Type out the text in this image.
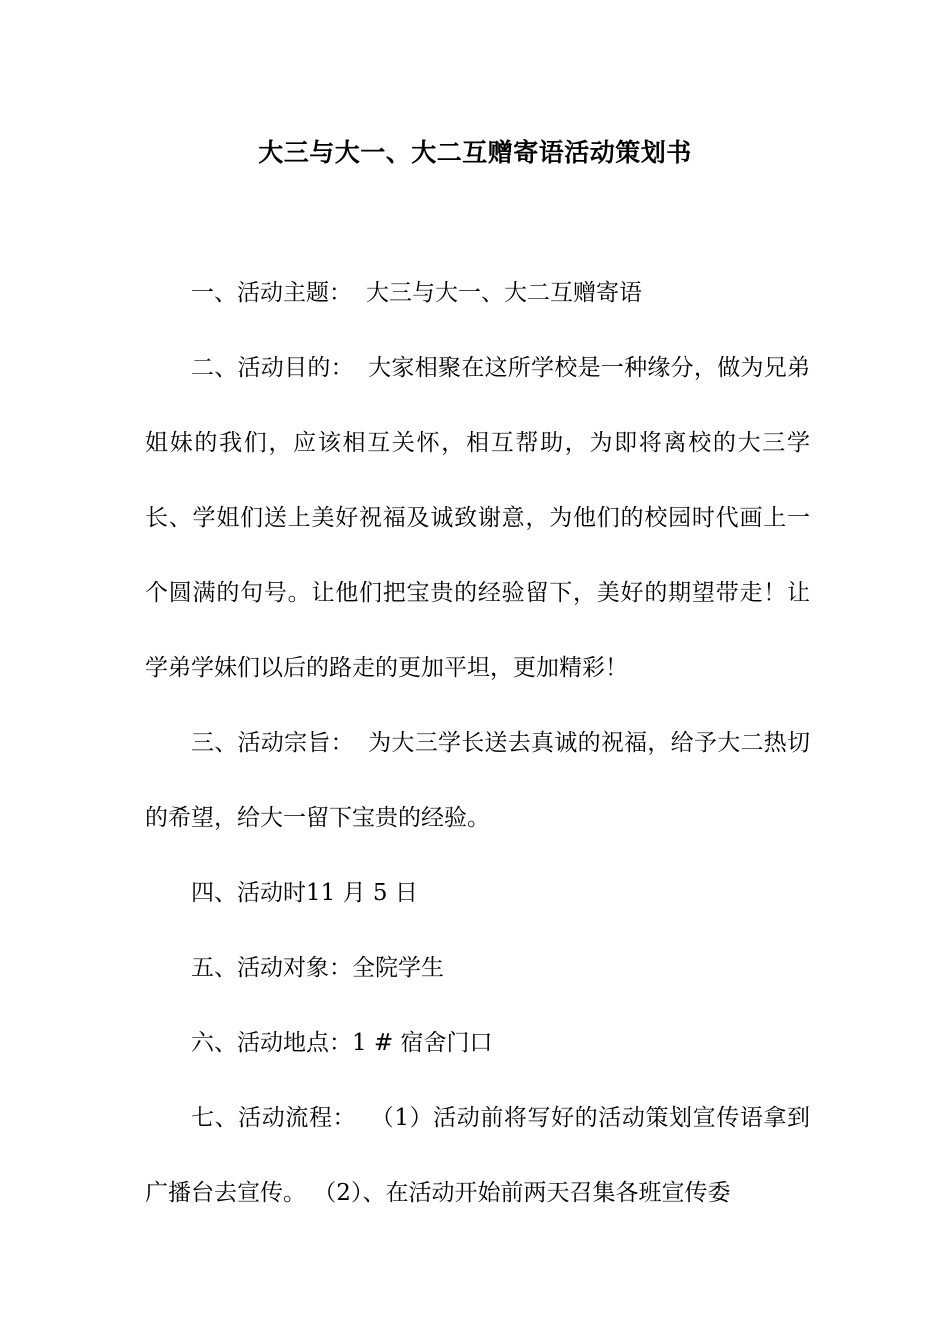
大三与大一、大二互赠寄语活动策划书

一、活动主题： 大三与大一、大二互赠寄语

二、活动目的： 大家相聚在这所学校是一种缘分，做为兄弟姐妹的我们，应该相互关怀，相互帮助，为即将离校的大三学长、学姐们送上美好祝福及诚致谢意，为他们的校园时代画上一个圆满的句号。让他们把宝贵的经验留下，美好的期望带走！让学弟学妹们以后的路走的更加平坦，更加精彩！

三、活动宗旨： 为大三学长送去真诚的祝福，给予大二热切的希望，给大一留下宝贵的经验。

四、活动时11 月 5 日

五、活动对象：全院学生

六、活动地点：1 # 宿舍门口

七、活动流程： （1）活动前将写好的活动策划宣传语拿到广播台去宣传。 （2）、在活动开始前两天召集各班宣传委
